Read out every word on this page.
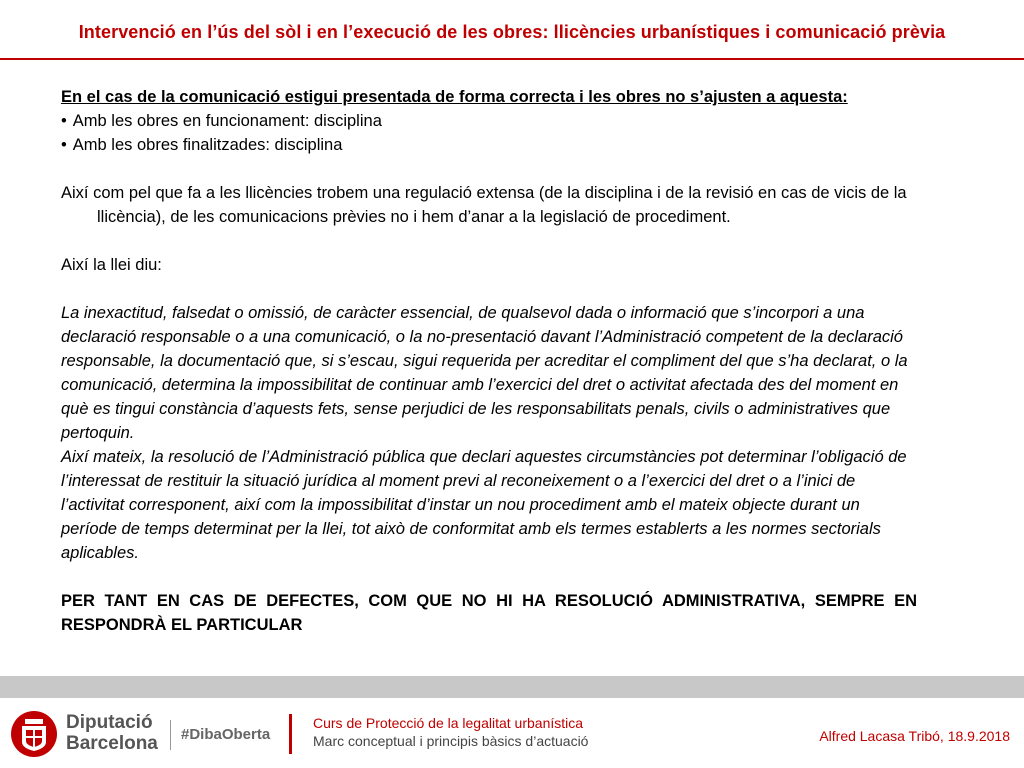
Intervenció en l’ús del sòl i en l’execució de les obres: llicències urbanístiques i comunicació prèvia

En el cas de la comunicació estigui presentada de forma correcta i les obres no s’ajusten a aquesta:

• Amb les obres en funcionament: disciplina

• Amb les obres finalitzades: disciplina

Així com pel que fa a les llicències trobem una regulació extensa (de la disciplina i de la revisió en cas de vicis de la llicència), de les comunicacions prèvies no i hem d’anar a la legislació de procediment.

Així la llei diu:

La inexactitud, falsedat o omissió, de caràcter essencial, de qualsevol dada o informació que s’incorpori a una declaració responsable o a una comunicació, o la no-presentació davant l’Administració competent de la declaració responsable, la documentació que, si s’escau, sigui requerida per acreditar el compliment del que s’ha declarat, o la comunicació, determina la impossibilitat de continuar amb l’exercici del dret o activitat afectada des del moment en què es tingui constància d’aquests fets, sense perjudici de les responsabilitats penals, civils o administratives que pertoquin.

Així mateix, la resolució de l’Administració pública que declari aquestes circumstàncies pot determinar l’obligació de l’interessat de restituir la situació jurídica al moment previ al reconeixement o a l’exercici del dret o a l’inici de l’activitat corresponent, així com la impossibilitat d’instar un nou procediment amb el mateix objecte durant un període de temps determinat per la llei, tot això de conformitat amb els termes establerts a les normes sectorials aplicables.

PER TANT EN CAS DE DEFECTES, COM QUE NO HI HA RESOLUCIÓ ADMINISTRATIVA, SEMPRE EN RESPONDRÀ EL PARTICULAR

Diputació
Barcelona #DibaOberta
Curs de Protecció de la legalitat urbanística
Marc conceptual i principis bàsics d’actuació	Alfred Lacasa Tribó, 18.9.2018
